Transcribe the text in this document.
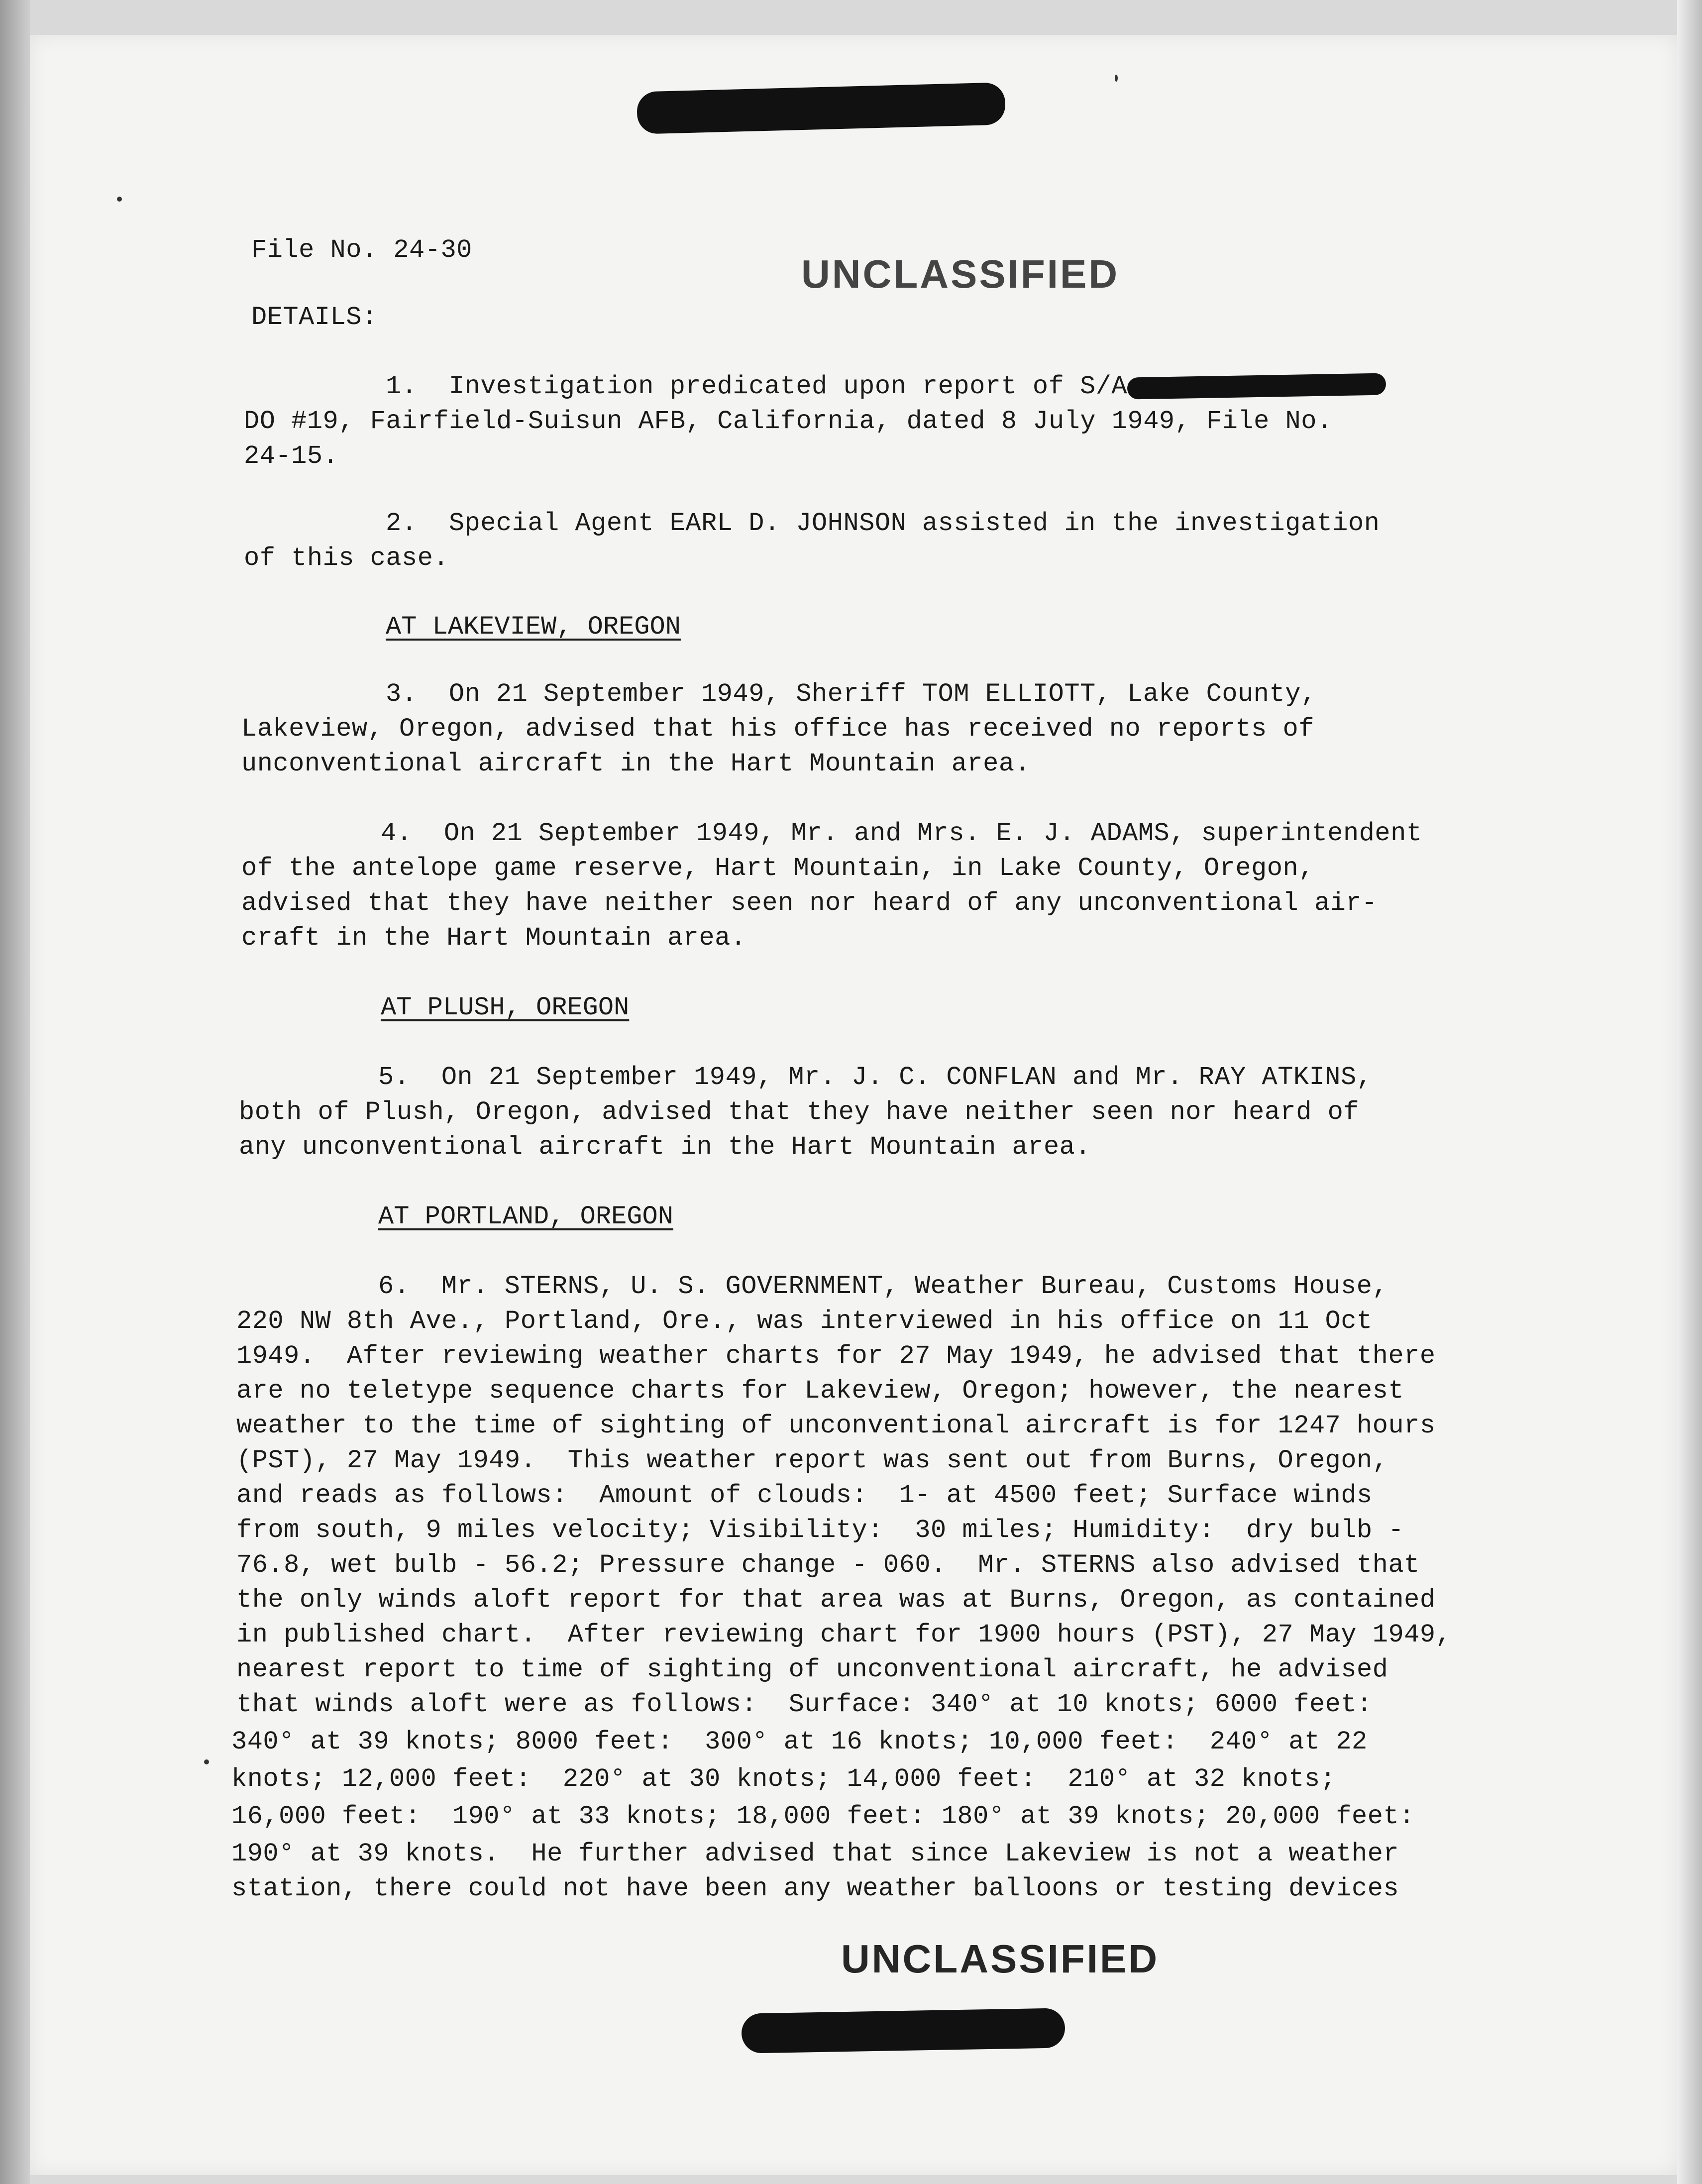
UNCLASSIFIED
UNCLASSIFIED
File No. 24-30
DETAILS:
1.  Investigation predicated upon report of S/A
DO #19, Fairfield-Suisun AFB, California, dated 8 July 1949, File No.
24-15.
2.  Special Agent EARL D. JOHNSON assisted in the investigation
of this case.
AT LAKEVIEW, OREGON
3.  On 21 September 1949, Sheriff TOM ELLIOTT, Lake County,
Lakeview, Oregon, advised that his office has received no reports of
unconventional aircraft in the Hart Mountain area.
4.  On 21 September 1949, Mr. and Mrs. E. J. ADAMS, superintendent
of the antelope game reserve, Hart Mountain, in Lake County, Oregon,
advised that they have neither seen nor heard of any unconventional air-
craft in the Hart Mountain area.
AT PLUSH, OREGON
5.  On 21 September 1949, Mr. J. C. CONFLAN and Mr. RAY ATKINS,
both of Plush, Oregon, advised that they have neither seen nor heard of
any unconventional aircraft in the Hart Mountain area.
AT PORTLAND, OREGON
6.  Mr. STERNS, U. S. GOVERNMENT, Weather Bureau, Customs House,
220 NW 8th Ave., Portland, Ore., was interviewed in his office on 11 Oct
1949.  After reviewing weather charts for 27 May 1949, he advised that there
are no teletype sequence charts for Lakeview, Oregon; however, the nearest
weather to the time of sighting of unconventional aircraft is for 1247 hours
(PST), 27 May 1949.  This weather report was sent out from Burns, Oregon,
and reads as follows:  Amount of clouds:  1- at 4500 feet; Surface winds
from south, 9 miles velocity; Visibility:  30 miles; Humidity:  dry bulb -
76.8, wet bulb - 56.2; Pressure change - 060.  Mr. STERNS also advised that
the only winds aloft report for that area was at Burns, Oregon, as contained
in published chart.  After reviewing chart for 1900 hours (PST), 27 May 1949,
nearest report to time of sighting of unconventional aircraft, he advised
that winds aloft were as follows:  Surface: 340° at 10 knots; 6000 feet:
340° at 39 knots; 8000 feet:  300° at 16 knots; 10,000 feet:  240° at 22
knots; 12,000 feet:  220° at 30 knots; 14,000 feet:  210° at 32 knots;
16,000 feet:  190° at 33 knots; 18,000 feet: 180° at 39 knots; 20,000 feet:
190° at 39 knots.  He further advised that since Lakeview is not a weather
station, there could not have been any weather balloons or testing devices
